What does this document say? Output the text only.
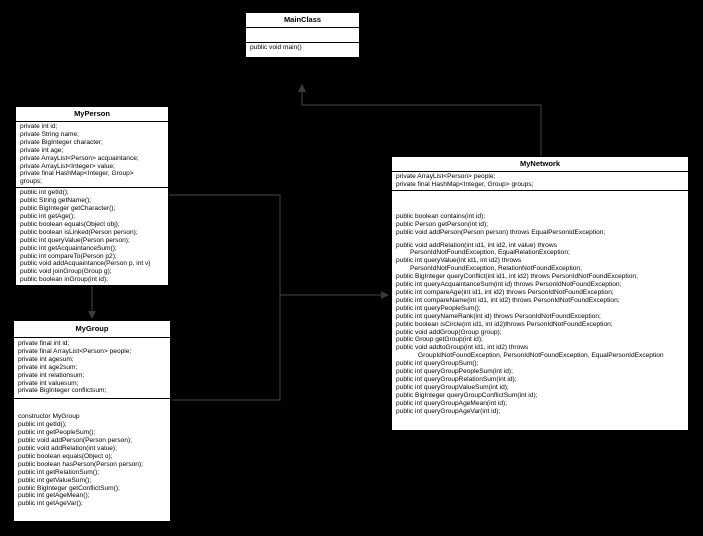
MainClass
public void main()
MyPerson
private int id;
private String name;
private BigInteger character;
private int age;
private ArrayList<Person> acquaintance;
private ArrayList<Integer> value;
private final HashMap<Integer, Group>
groups;
public int getId();
public String getName();
public BigInteger getCharacter();
public int getAge();
public boolean equals(Object obj);
public boolean isLinked(Person person);
public int queryValue(Person person);
public int getAcquaintanceSum();
public int compareTo(Person p2);
public void addAcquaintance(Person p, int v)
public void joinGroup(Group g);
public boolean inGroup(int id);
MyGroup
private final int id;
private final ArrayList<Person> people;
private int agesum;
private int age2sum;
private int relationsum;
private int valuesum;
private BigInteger conflictsum;
constructor MyGroup
public int getId();
public int getPeopleSum();
public void addPerson(Person person);
public void addRelation(int value);
public boolean equals(Object o);
public boolean hasPerson(Person person);
public int getRelationSum();
public int getValueSum();
public BigInteger getConflictSum();
public int getAgeMean();
public int getAgeVar();
MyNetwork
private ArrayList<Person> people;
private final HashMap<Integer, Group> groups;
public boolean contains(int id);
public Person getPerson(int id);
public void addPerson(Person person) throws EqualPersonIdException;
public void addRelation(int id1, int id2, int value) throws
PersonIdNotFoundException, EqualRelationException;
public int queryValue(int id1, int id2) throws
PersonIdNotFoundException, RelationNotFoundException;
public BigInteger queryConflict(int id1, int id2) throws PersonIdNotFoundException;
public int queryAcquaintanceSum(int id) throws PersonIdNotFoundException;
public int compareAge(int id1, int id2) throws PersonIdNotFoundException;
public int compareName(int id1, int id2) throws PersonIdNotFoundException;
public int queryPeopleSum();
public int queryNameRank(int id) throws PersonIdNotFoundException;
public boolean isCircle(int id1, int id2)throws PersonIdNotFoundException;
public void addGroup(Group group);
public Group getGroup(int id);
public void addtoGroup(int id1, int id2) throws
GroupIdNotFoundException, PersonIdNotFoundException, EqualPersonIdException
public int queryGroupSum();
public int queryGroupPeopleSum(int id);
public int queryGroupRelationSum(int id);
public int queryGroupValueSum(int id);
public BigInteger queryGroupConflictSum(int id);
public int queryGroupAgeMean(int id);
public int queryGroupAgeVar(int id);
